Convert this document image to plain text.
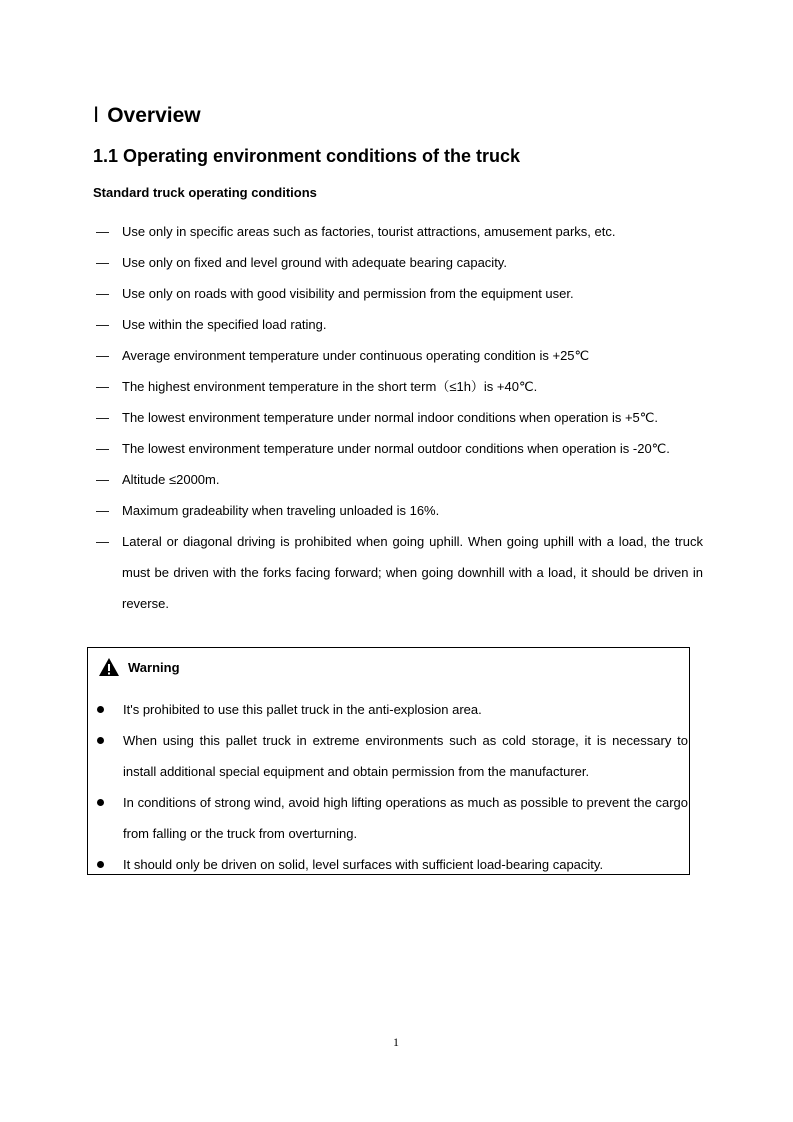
Ⅰ Overview
1.1 Operating environment conditions of the truck
Standard truck operating conditions
— Use only in specific areas such as factories, tourist attractions, amusement parks, etc.
— Use only on fixed and level ground with adequate bearing capacity.
— Use only on roads with good visibility and permission from the equipment user.
— Use within the specified load rating.
— Average environment temperature under continuous operating condition is +25℃
— The highest environment temperature in the short term（≤1h）is +40℃.
— The lowest environment temperature under normal indoor conditions when operation is +5℃.
— The lowest environment temperature under normal outdoor conditions when operation is -20℃.
— Altitude ≤2000m.
— Maximum gradeability when traveling unloaded is 16%.
— Lateral or diagonal driving is prohibited when going uphill. When going uphill with a load, the truck must be driven with the forks facing forward; when going downhill with a load, it should be driven in reverse.
Warning
It's prohibited to use this pallet truck in the anti-explosion area.
When using this pallet truck in extreme environments such as cold storage, it is necessary to install additional special equipment and obtain permission from the manufacturer.
In conditions of strong wind, avoid high lifting operations as much as possible to prevent the cargo from falling or the truck from overturning.
It should only be driven on solid, level surfaces with sufficient load-bearing capacity.
1
